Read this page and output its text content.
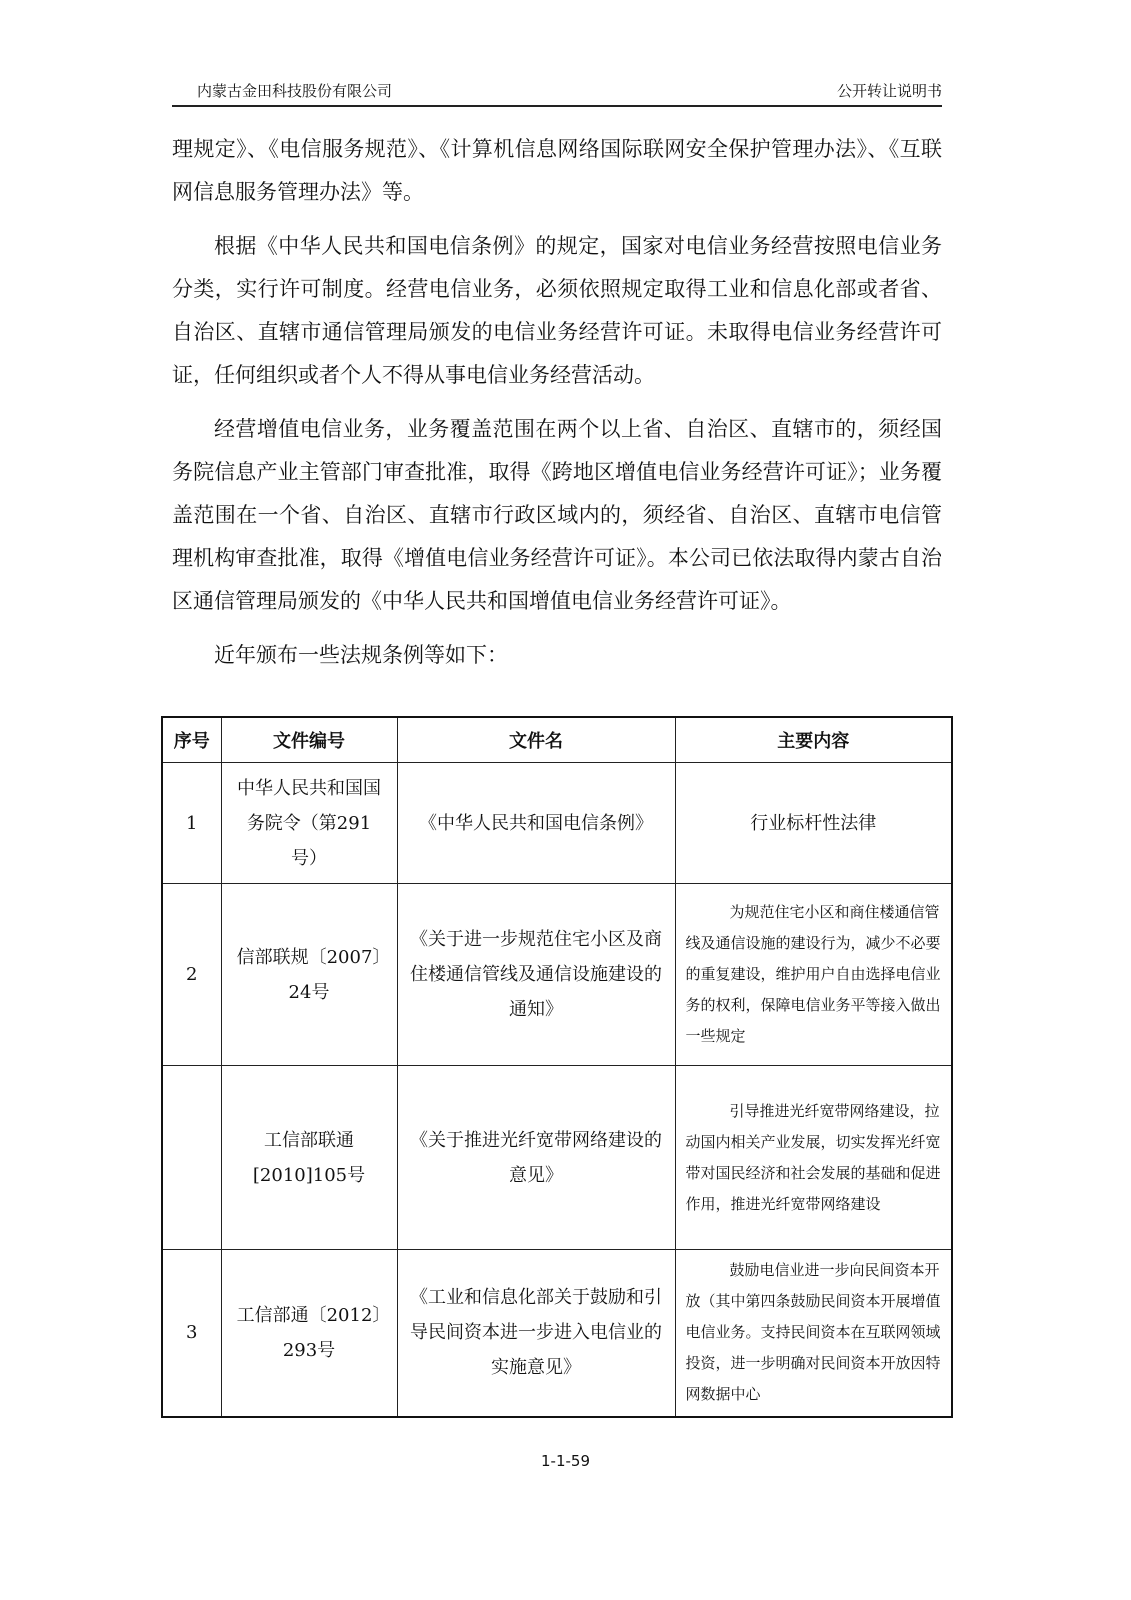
内蒙古金田科技股份有限公司	公开转让说明书

理规定》、《电信服务规范》、《计算机信息网络国际联网安全保护管理办法》、《互联网信息服务管理办法》等。

根据《中华人民共和国电信条例》的规定，国家对电信业务经营按照电信业务分类，实行许可制度。经营电信业务，必须依照规定取得工业和信息化部或者省、自治区、直辖市通信管理局颁发的电信业务经营许可证。未取得电信业务经营许可证，任何组织或者个人不得从事电信业务经营活动。

经营增值电信业务，业务覆盖范围在两个以上省、自治区、直辖市的，须经国务院信息产业主管部门审查批准，取得《跨地区增值电信业务经营许可证》；业务覆盖范围在一个省、自治区、直辖市行政区域内的，须经省、自治区、直辖市电信管理机构审查批准，取得《增值电信业务经营许可证》。本公司已依法取得内蒙古自治区通信管理局颁发的《中华人民共和国增值电信业务经营许可证》。

近年颁布一些法规条例等如下：

序号	文件编号	文件名	主要内容
1	中华人民共和国国务院令（第291号）	《中华人民共和国电信条例》	行业标杆性法律
2	信部联规〔2007〕24号	《关于进一步规范住宅小区及商住楼通信管线及通信设施建设的通知》	为规范住宅小区和商住楼通信管线及通信设施的建设行为，减少不必要的重复建设，维护用户自由选择电信业务的权利，保障电信业务平等接入做出一些规定

	工信部联通[2010]105号	《关于推进光纤宽带网络建设的意见》	引导推进光纤宽带网络建设，拉动国内相关产业发展，切实发挥光纤宽带对国民经济和社会发展的基础和促进作用，推进光纤宽带网络建设

3	工信部通〔2012〕293号	《工业和信息化部关于鼓励和引导民间资本进一步进入电信业的实施意见》	鼓励电信业进一步向民间资本开放（其中第四条鼓励民间资本开展增值电信业务。支持民间资本在互联网领域投资，进一步明确对民间资本开放因特网数据中心
1-1-59
